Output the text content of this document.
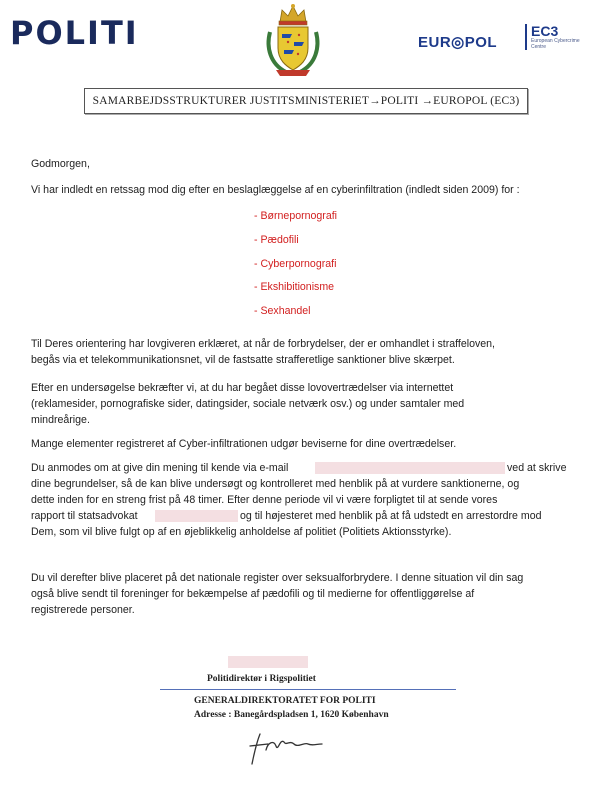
POLITI	EUR◎POL
EC3
European Cybercrime Centre
SAMARBEJDSSTRUKTURER JUSTITSMINISTERIET→POLITI →EUROPOL (EC3)
Godmorgen,
Vi har indledt en retssag mod dig efter en beslaglæggelse af en cyberinfiltration (indledt siden 2009) for :
- Børnepornografi
- Pædofili
- Cyberpornografi
- Ekshibitionisme
- Sexhandel
Til Deres orientering har lovgiveren erklæret, at når de forbrydelser, der er omhandlet i straffeloven,
begås via et telekommunikationsnet, vil de fastsatte strafferetlige sanktioner blive skærpet.
Efter en undersøgelse bekræfter vi, at du har begået disse lovovertrædelser via internettet
(reklamesider, pornografiske sider, datingsider, sociale netværk osv.) og under samtaler med
mindreårige.
Mange elementer registreret af Cyber-infiltrationen udgør beviserne for dine overtrædelser.
Du anmodes om at give din mening til kende via e-mail	ved at skrive
dine begrundelser, så de kan blive undersøgt og kontrolleret med henblik på at vurdere sanktionerne, og
dette inden for en streng frist på 48 timer. Efter denne periode vil vi være forpligtet til at sende vores
rapport til statsadvokat	og til højesteret med henblik på at få udstedt en arrestordre mod
Dem, som vil blive fulgt op af en øjeblikkelig anholdelse af politiet (Politiets Aktionsstyrke).
Du vil derefter blive placeret på det nationale register over seksualforbrydere. I denne situation vil din sag
også blive sendt til foreninger for bekæmpelse af pædofili og til medierne for offentliggørelse af
registrerede personer.
Politidirektør i Rigspolitiet
GENERALDIREKTORATET FOR POLITI
Adresse : Banegårdspladsen 1, 1620 København
